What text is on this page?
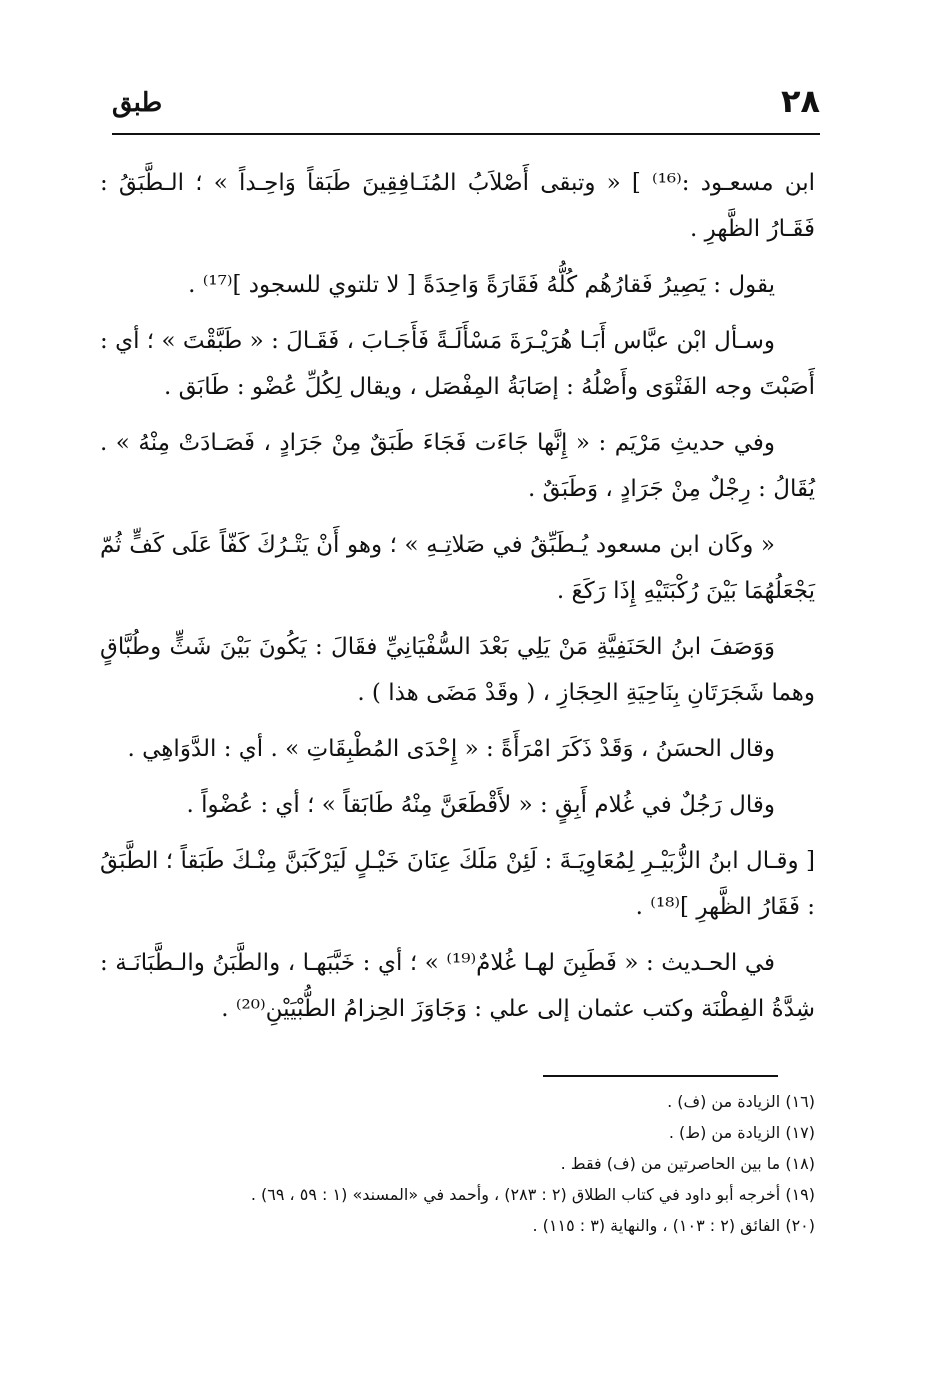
٢٨
طبق

ابن مسعـود :⁽¹⁶⁾ ] « وتبقى أَصْلاَبُ المُنَـافِقِينَ طَبَقاً وَاحِـداً » ؛ الـطَّبَقُ : فَقَـارُ الظَّهرِ .

يقول : يَصِيرُ فَقارُهُم كُلُّهُ فَقَارَةً وَاحِدَةً [ لا تلتوي للسجود ]⁽¹⁷⁾ .

وسـأل ابْن عبَّاس أَبَـا هُرَيْـرَةَ مَسْأَلَـةً فَأَجَـابَ ، فَقَـالَ : « طَبَّقْتَ » ؛ أي : أَصَبْتَ وجه الفَتْوَى وأَصْلُهُ : إصَابَةُ المِفْصَل ، ويقال لِكُلِّ عُضْو : طَابَق .

وفي حديثِ مَرْيَم : « إِنَّها جَاءَت فَجَاءَ طَبَقٌ مِنْ جَرَادٍ ، فَصَـادَتْ مِنْهُ » . يُقَالُ : رِجْلٌ مِنْ جَرَادٍ ، وَطَبَقٌ .

« وكَان ابن مسعود يُـطَبِّقُ في صَلاتِـهِ » ؛ وهو أَنْ يَتْـرُكَ كَفّاً عَلَى كَفٍّ ثُمّ يَجْعَلُهُمَا بَيْنَ رُكْبَتَيْهِ إِذَا رَكَعَ .

وَوَصَفَ ابنُ الحَنَفِيَّةِ مَنْ يَلِي بَعْدَ السُّفْيَانِيِّ فقَالَ : يَكُونَ بَيْنَ شَثٍّ وطُبَّاقٍ وهما شَجَرَتَانِ بِنَاحِيَةِ الحِجَازِ ، ( وقَدْ مَضَى هذا ) .

وقال الحسَنُ ، وَقَدْ ذَكَرَ امْرَأَةً : « إِحْدَى المُطْبِقَاتِ » . أي : الدَّوَاهِي .

وقال رَجُلٌ في غُلام أَبِقٍ : « لأَقْطَعَنَّ مِنْهُ طَابَقاً » ؛ أي : عُضْواً .

[ وقـال ابنُ الزُّبَيْـرِ لِمُعَاوِيَـةَ : لَئِنْ مَلَكَ عِنَانَ خَيْـلٍ لَيَرْكَبَنَّ مِنْـكَ طَبَقاً ؛ الطَّبَقُ : فَقَارُ الظَّهرِ ]⁽¹⁸⁾ .

في الحـديث : « فَطَبِنَ لهـا غُلامٌ⁽¹⁹⁾ » ؛ أي : خَبَّبَهـا ، والطَّبَنُ والـطَّبَانَـة : شِدَّةُ الفِطْنَة وكتب عثمان إلى علي : وَجَاوَزَ الحِزامُ الطُّبْيَيْنِ⁽²⁰⁾ .

(١٦) الزيادة من (ف) .

(١٧) الزيادة من (ط) .

(١٨) ما بين الحاصرتين من (ف) فقط .

(١٩) أخرجه أبو داود في كتاب الطلاق (٢ : ٢٨٣) ، وأحمد في «المسند» (١ : ٥٩ ، ٦٩) .

(٢٠) الفائق (٢ : ١٠٣) ، والنهاية (٣ : ١١٥) .
